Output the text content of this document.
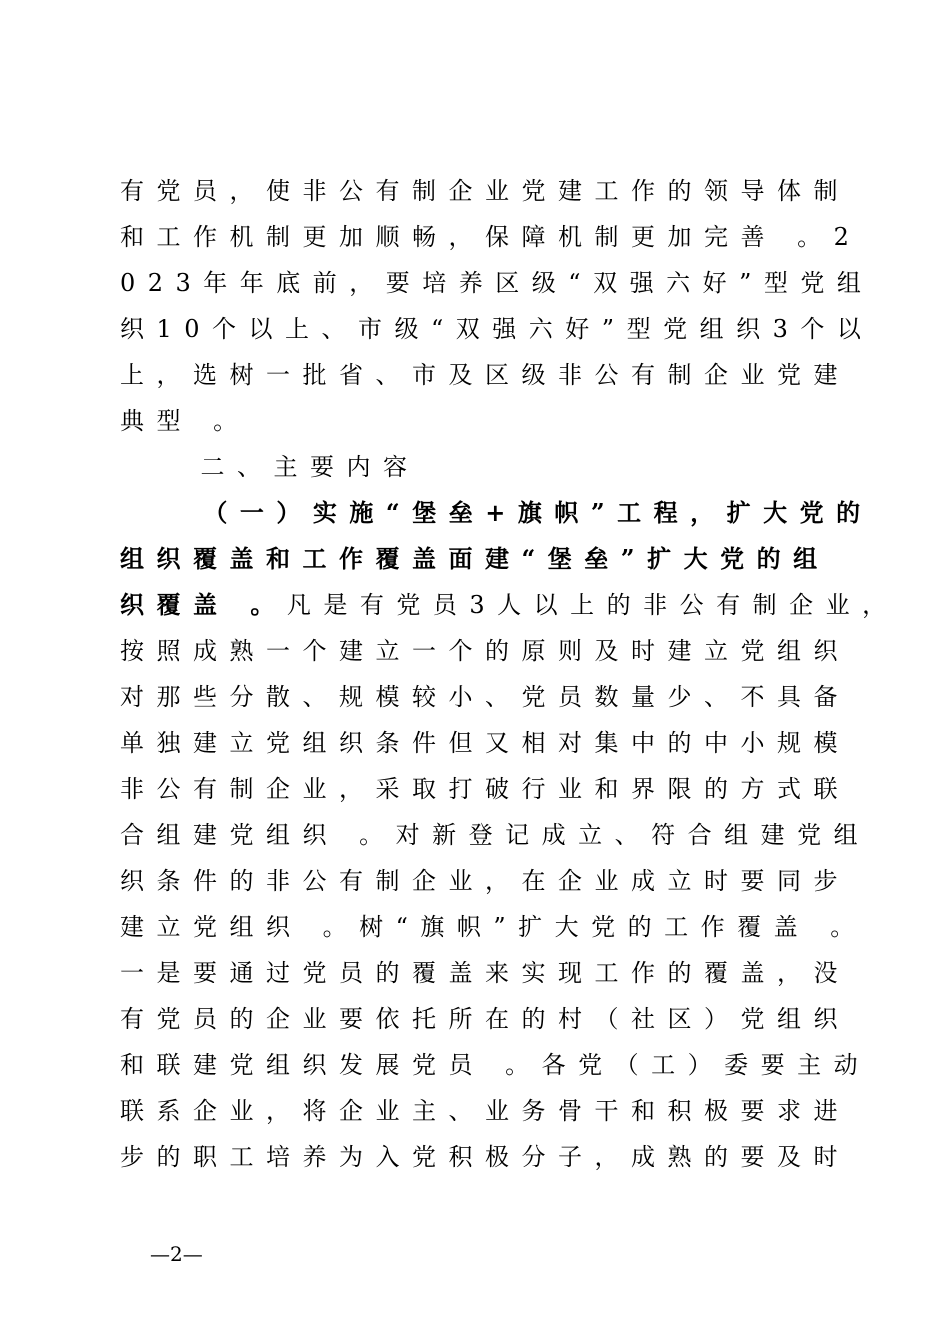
有党员，使非公有制企业党建工作的领导体制
和工作机制更加顺畅，保障机制更加完善 。2
023年年底前，要培养区级“双强六好”型党组
织10个以上、市级“双强六好”型党组织3个以
上，选树一批省、市及区级非公有制企业党建
典型 。
二、主要内容
（一）实施“堡垒+旗帜”工程，扩大党的
组织覆盖和工作覆盖面建“堡垒”扩大党的组
织覆盖 。凡是有党员3人以上的非公有制企业，
按照成熟一个建立一个的原则及时建立党组织
对那些分散、规模较小、党员数量少、不具备
单独建立党组织条件但又相对集中的中小规模
非公有制企业，采取打破行业和界限的方式联
合组建党组织 。对新登记成立、符合组建党组
织条件的非公有制企业，在企业成立时要同步
建立党组织 。树“旗帜”扩大党的工作覆盖 。
一是要通过党员的覆盖来实现工作的覆盖，没
有党员的企业要依托所在的村（社区）党组织
和联建党组织发展党员 。各党（工）委要主动
联系企业，将企业主、业务骨干和积极要求进
步的职工培养为入党积极分子，成熟的要及时
—2—
